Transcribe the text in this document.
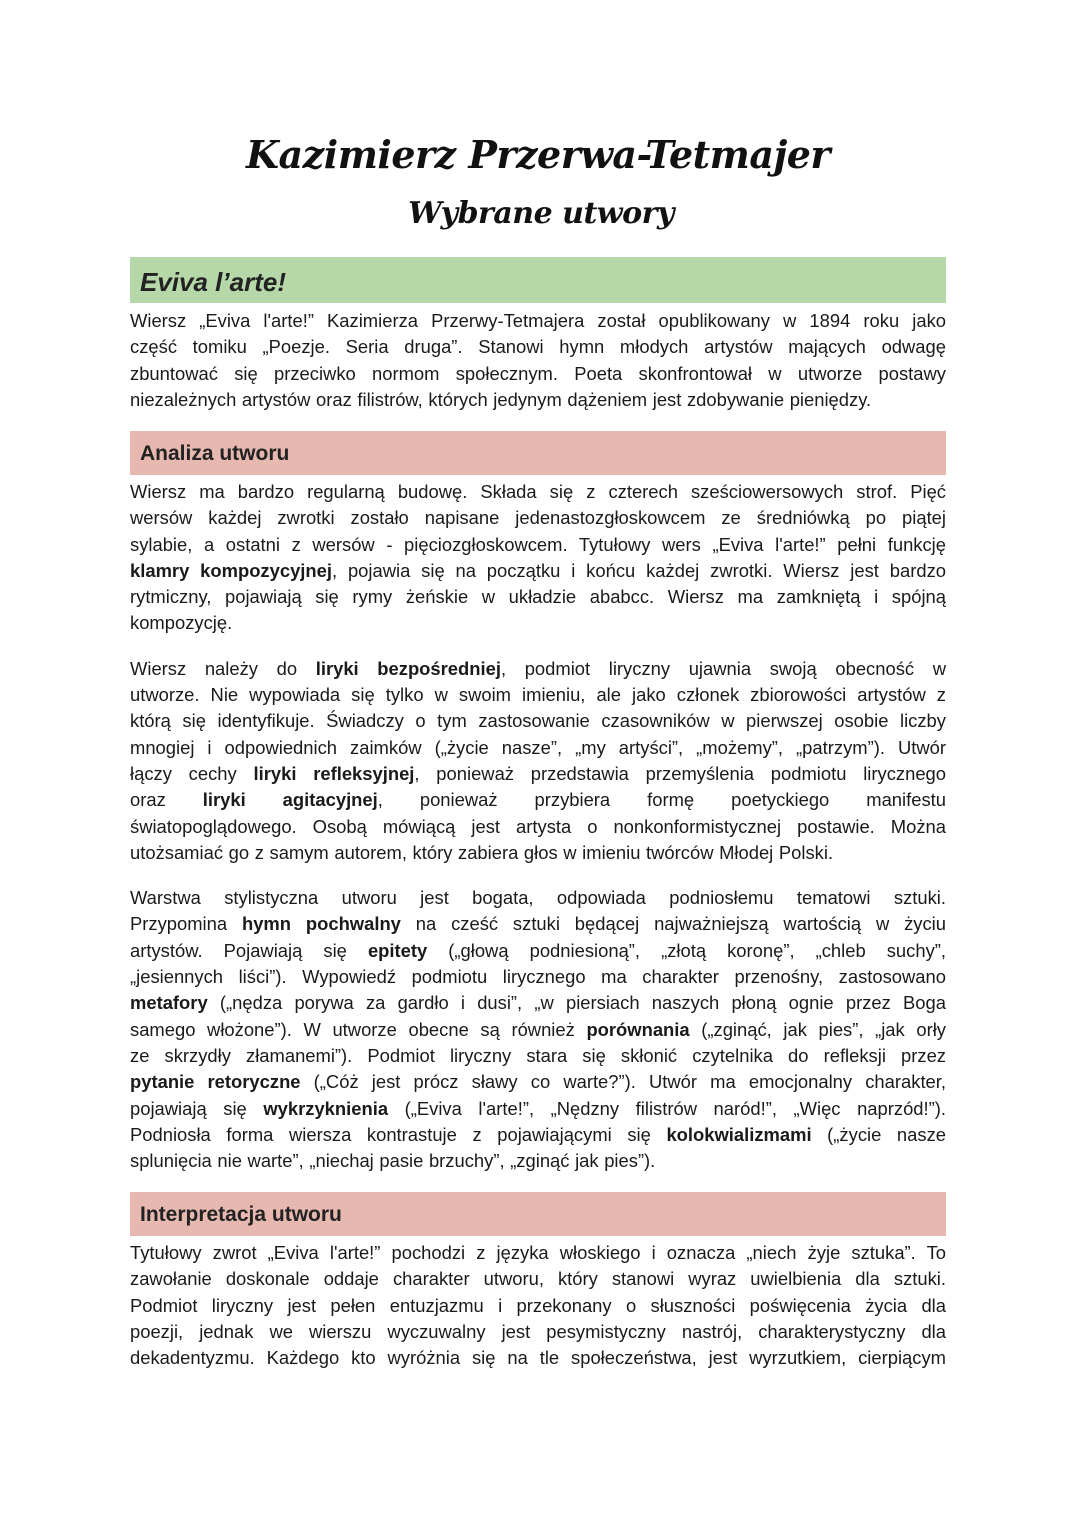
Kazimierz Przerwa-Tetmajer
Wybrane utwory
Eviva l’arte!

Wiersz „Eviva l'arte!” Kazimierza Przerwy-Tetmajera został opublikowany w 1894 roku jako
część tomiku „Poezje. Seria druga”. Stanowi hymn młodych artystów mających odwagę
zbuntować się przeciwko normom społecznym. Poeta skonfrontował w utworze postawy
niezależnych artystów oraz filistrów, których jedynym dążeniem jest zdobywanie pieniędzy.

Analiza utworu

Wiersz ma bardzo regularną budowę. Składa się z czterech sześciowersowych strof. Pięć
wersów każdej zwrotki zostało napisane jedenastozgłoskowcem ze średniówką po piątej
sylabie, a ostatni z wersów - pięciozgłoskowcem. Tytułowy wers „Eviva l'arte!” pełni funkcję
klamry kompozycyjnej, pojawia się na początku i końcu każdej zwrotki. Wiersz jest bardzo
rytmiczny, pojawiają się rymy żeńskie w układzie ababcc. Wiersz ma zamkniętą i spójną
kompozycję.

Wiersz należy do liryki bezpośredniej, podmiot liryczny ujawnia swoją obecność w
utworze. Nie wypowiada się tylko w swoim imieniu, ale jako członek zbiorowości artystów z
którą się identyfikuje. Świadczy o tym zastosowanie czasowników w pierwszej osobie liczby
mnogiej i odpowiednich zaimków („życie nasze”, „my artyści”, „możemy”, „patrzym”). Utwór
łączy cechy liryki refleksyjnej, ponieważ przedstawia przemyślenia podmiotu lirycznego
oraz liryki agitacyjnej, ponieważ przybiera formę poetyckiego manifestu
światopoglądowego. Osobą mówiącą jest artysta o nonkonformistycznej postawie. Można
utożsamiać go z samym autorem, który zabiera głos w imieniu twórców Młodej Polski.

Warstwa stylistyczna utworu jest bogata, odpowiada podniosłemu tematowi sztuki.
Przypomina hymn pochwalny na cześć sztuki będącej najważniejszą wartością w życiu
artystów. Pojawiają się epitety („głową podniesioną”, „złotą koronę”, „chleb suchy”,
„jesiennych liści”). Wypowiedź podmiotu lirycznego ma charakter przenośny, zastosowano
metafory („nędza porywa za gardło i dusi”, „w piersiach naszych płoną ognie przez Boga
samego włożone”). W utworze obecne są również porównania („zginąć, jak pies”, „jak orły
ze skrzydły złamanemi”). Podmiot liryczny stara się skłonić czytelnika do refleksji przez
pytanie retoryczne („Cóż jest prócz sławy co warte?”). Utwór ma emocjonalny charakter,
pojawiają się wykrzyknienia („Eviva l'arte!”, „Nędzny filistrów naród!”, „Więc naprzód!”).
Podniosła forma wiersza kontrastuje z pojawiającymi się kolokwializmami („życie nasze
splunięcia nie warte”, „niechaj pasie brzuchy”, „zginąć jak pies”).

Interpretacja utworu

Tytułowy zwrot „Eviva l'arte!” pochodzi z języka włoskiego i oznacza „niech żyje sztuka”. To
zawołanie doskonale oddaje charakter utworu, który stanowi wyraz uwielbienia dla sztuki.
Podmiot liryczny jest pełen entuzjazmu i przekonany o słuszności poświęcenia życia dla
poezji, jednak we wierszu wyczuwalny jest pesymistyczny nastrój, charakterystyczny dla
dekadentyzmu. Każdego kto wyróżnia się na tle społeczeństwa, jest wyrzutkiem, cierpiącym
